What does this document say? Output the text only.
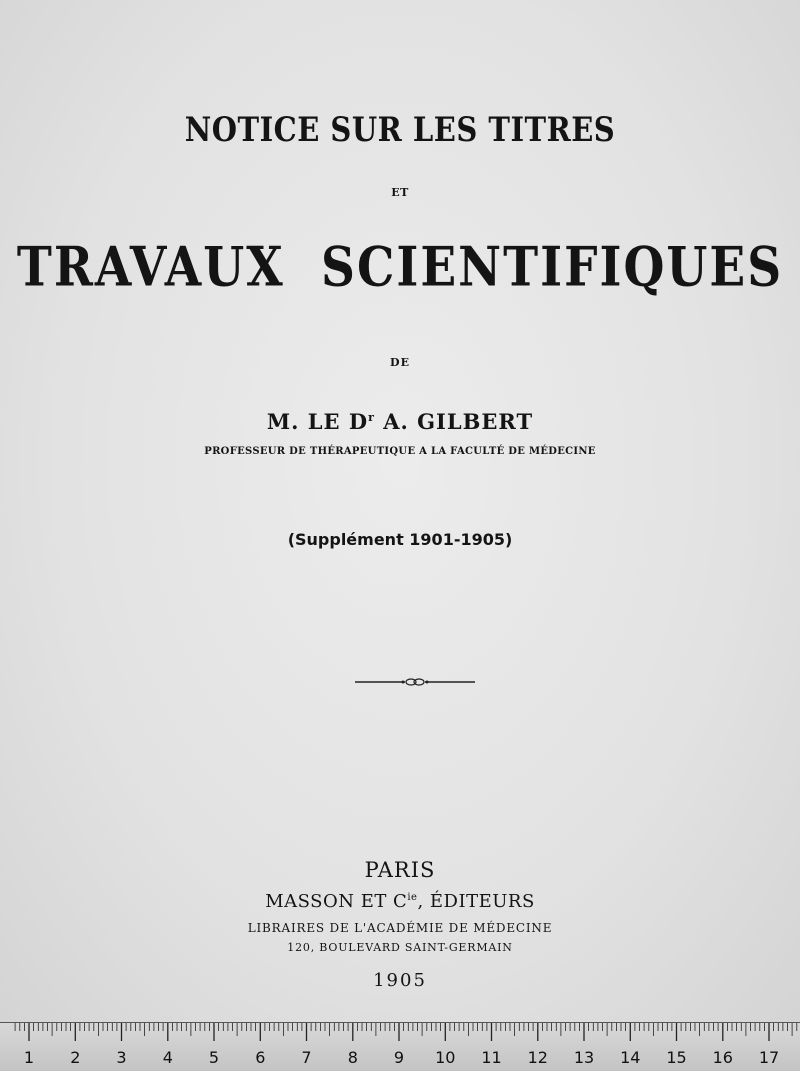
NOTICE SUR LES TITRES
ET
TRAVAUX SCIENTIFIQUES
DE
M. LE $D^r$ A. GILBERT
PROFESSEUR DE THÉRAPEUTIQUE A LA FACULTÉ DE MÉDECINE
(Supplément 1901-1905)
PARIS
MASSON ET $C^{ie}$, ÉDITEURS
LIBRAIRES DE L'ACADÉMIE DE MÉDECINE
120, BOULEVARD SAINT-GERMAIN
1905
1 2 3 4 5 6 7 8 9 10 11 12 13 14 15 16 17
